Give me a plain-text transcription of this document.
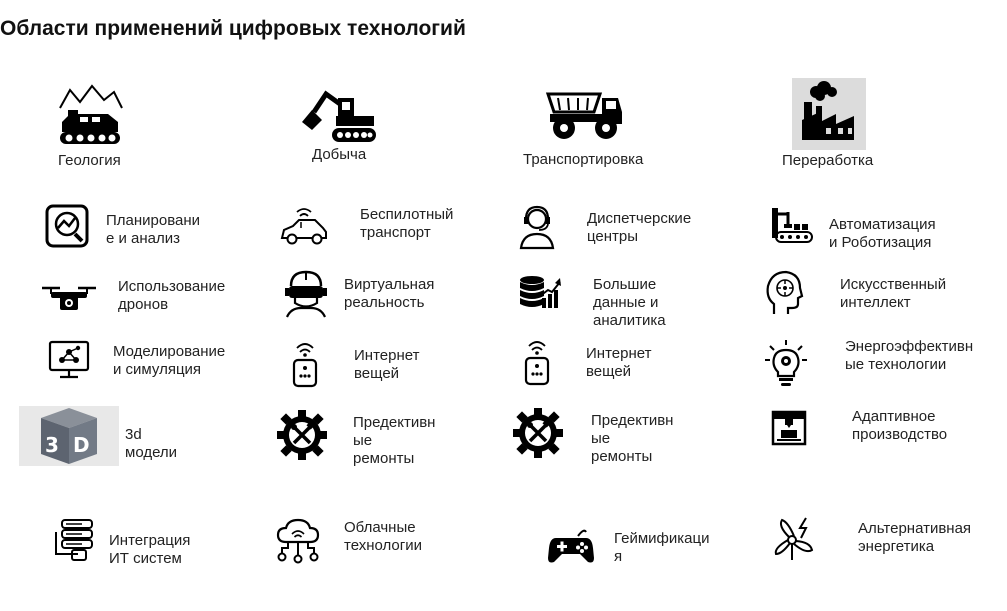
Области применений цифровых технологий
Геология	Добыча	Транспортировка	Переработка
Планировани
е и анализ
Беспилотный
транспорт
Диспетчерские
центры
Автоматизация
и Роботизация
Использование
дронов
Виртуальная
реальность
Большие
данные и
аналитика
Искусственный
интеллект
Моделирование
и симуляция
Интернет
вещей
Интернет
вещей
Энергоэффективн
ые технологии
3 D 3d модели
Предективн
ые ремонты
Предективн
ые ремонты
Адаптивное
производство
Интеграция
ИТ систем
Облачные
технологии	Геймификаци
я
Альтернативная
энергетика
